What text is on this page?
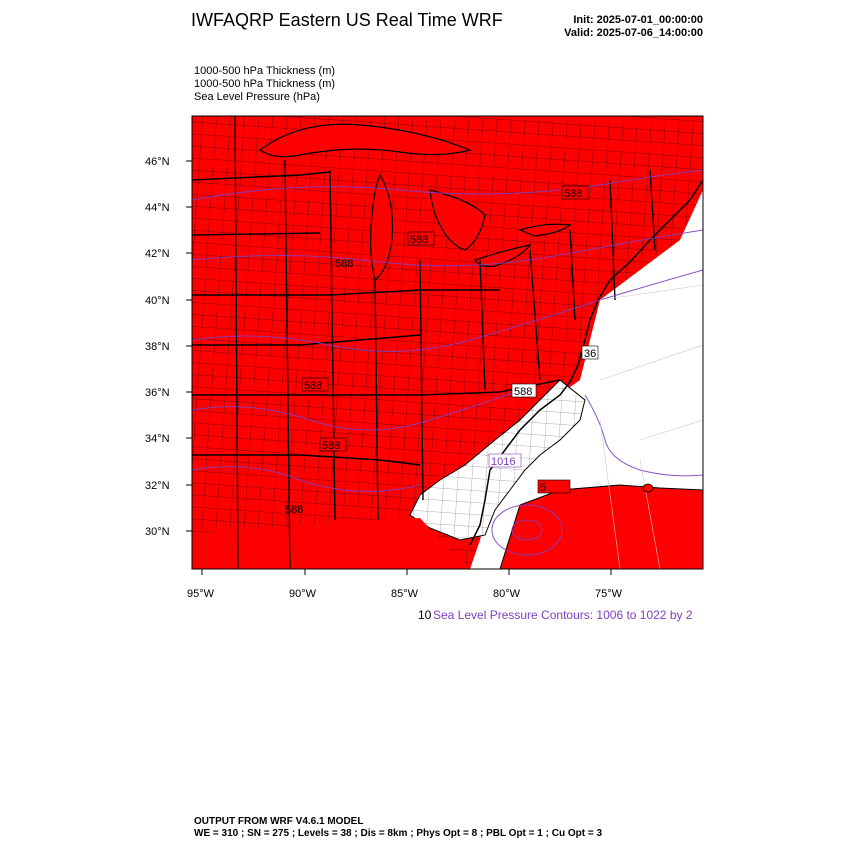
IWFAQRP Eastern US Real Time WRF	Init: 2025-07-01_00:00:00
Valid: 2025-07-06_14:00:00
1000-500 hPa Thickness (m)
1000-500 hPa Thickness (m)
Sea Level Pressure (hPa)
588
588
588
588	588
588
588
36
1016
5
46°N
44°N
42°N
40°N
38°N
36°N
34°N
32°N
30°N
95°W	90°W	85°W	80°W	75°W
10 Sea Level Pressure Contours: 1006 to 1022 by 2
OUTPUT FROM WRF V4.6.1 MODEL
WE = 310 ; SN = 275 ; Levels = 38 ; Dis = 8km ; Phys Opt = 8 ; PBL Opt = 1 ; Cu Opt = 3
